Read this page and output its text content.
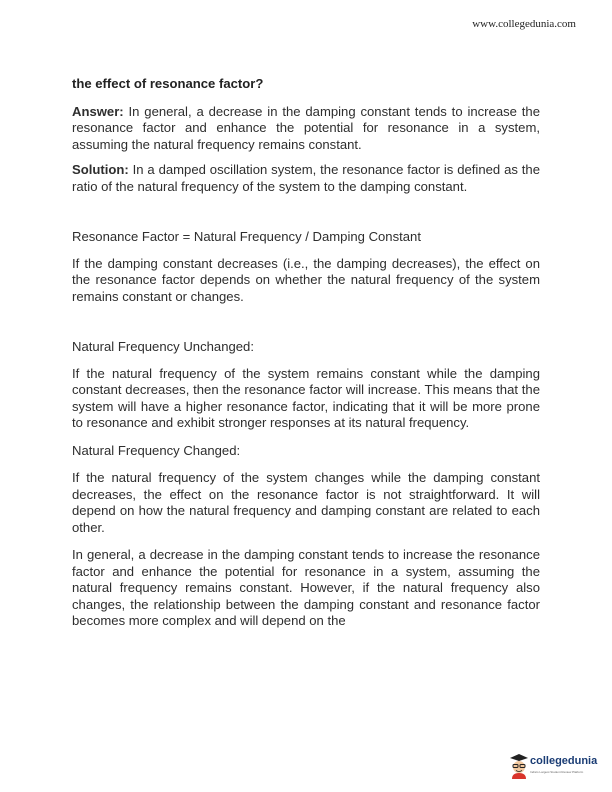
www.collegedunia.com

the effect of resonance factor?

Answer: In general, a decrease in the damping constant tends to increase the resonance factor and enhance the potential for resonance in a system, assuming the natural frequency remains constant.

Solution: In a damped oscillation system, the resonance factor is defined as the ratio of the natural frequency of the system to the damping constant.

Resonance Factor = Natural Frequency / Damping Constant

If the damping constant decreases (i.e., the damping decreases), the effect on the resonance factor depends on whether the natural frequency of the system remains constant or changes.

Natural Frequency Unchanged:

If the natural frequency of the system remains constant while the damping constant decreases, then the resonance factor will increase. This means that the system will have a higher resonance factor, indicating that it will be more prone to resonance and exhibit stronger responses at its natural frequency.

Natural Frequency Changed:

If the natural frequency of the system changes while the damping constant decreases, the effect on the resonance factor is not straightforward. It will depend on how the natural frequency and damping constant are related to each other.

In general, a decrease in the damping constant tends to increase the resonance factor and enhance the potential for resonance in a system, assuming the natural frequency remains constant. However, if the natural frequency also changes, the relationship between the damping constant and resonance factor becomes more complex and will depend on the

collegedunia
India's Largest Student Review Platform
